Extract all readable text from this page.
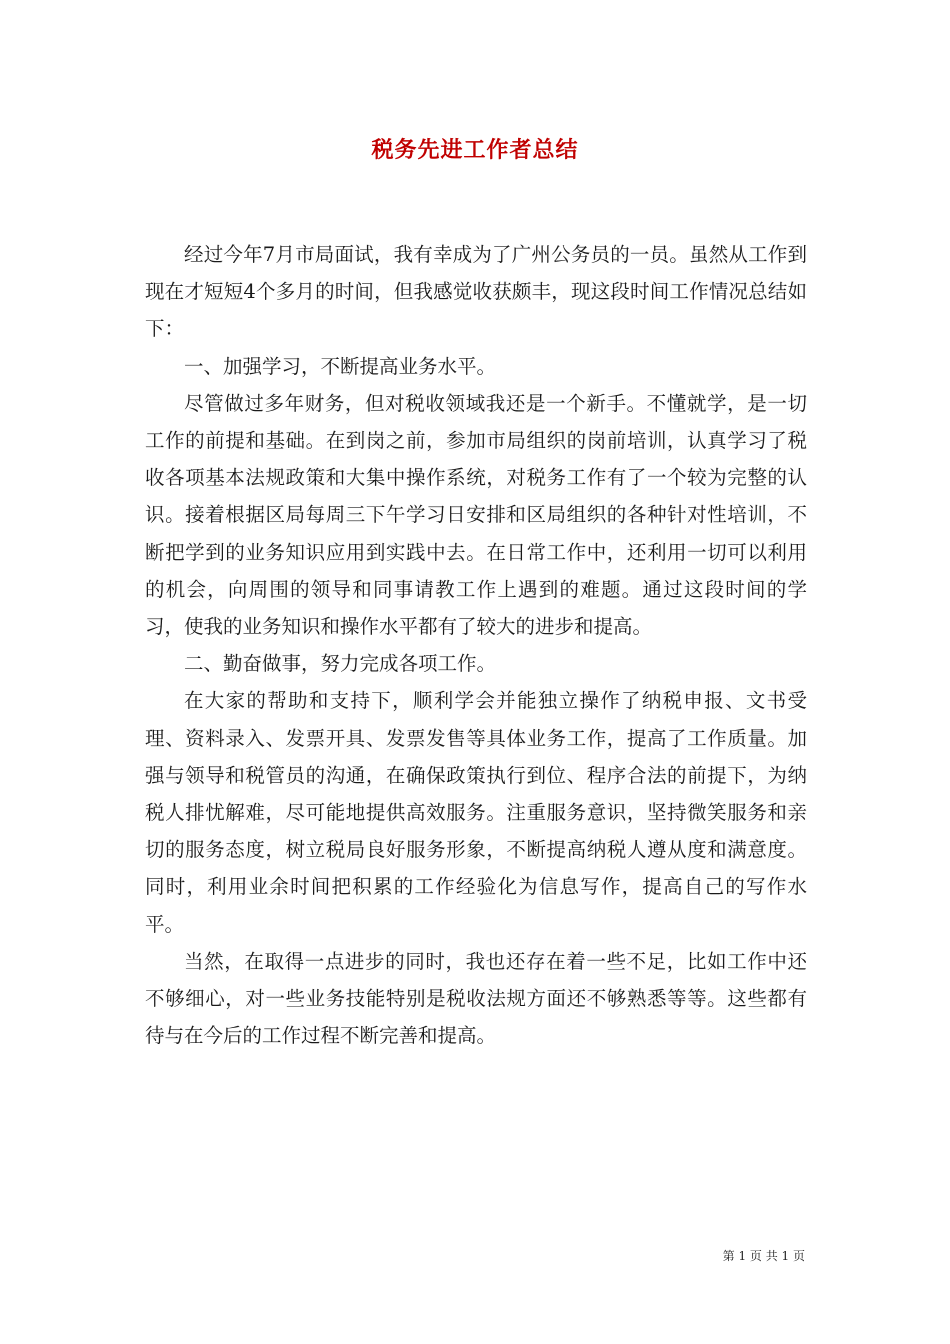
税务先进工作者总结

经过今年7月市局面试，我有幸成为了广州公务员的一员。虽然从工作到现在才短短4个多月的时间，但我感觉收获颇丰，现这段时间工作情况总结如下：

一、加强学习，不断提高业务水平。

尽管做过多年财务，但对税收领域我还是一个新手。不懂就学，是一切工作的前提和基础。在到岗之前，参加市局组织的岗前培训，认真学习了税收各项基本法规政策和大集中操作系统，对税务工作有了一个较为完整的认识。接着根据区局每周三下午学习日安排和区局组织的各种针对性培训，不断把学到的业务知识应用到实践中去。在日常工作中，还利用一切可以利用的机会，向周围的领导和同事请教工作上遇到的难题。通过这段时间的学习，使我的业务知识和操作水平都有了较大的进步和提高。

二、勤奋做事，努力完成各项工作。

在大家的帮助和支持下，顺利学会并能独立操作了纳税申报、文书受理、资料录入、发票开具、发票发售等具体业务工作，提高了工作质量。加强与领导和税管员的沟通，在确保政策执行到位、程序合法的前提下，为纳税人排忧解难，尽可能地提供高效服务。注重服务意识，坚持微笑服务和亲切的服务态度，树立税局良好服务形象，不断提高纳税人遵从度和满意度。同时，利用业余时间把积累的工作经验化为信息写作，提高自己的写作水平。

当然，在取得一点进步的同时，我也还存在着一些不足，比如工作中还不够细心，对一些业务技能特别是税收法规方面还不够熟悉等等。这些都有待与在今后的工作过程不断完善和提高。

第 1 页 共 1 页
